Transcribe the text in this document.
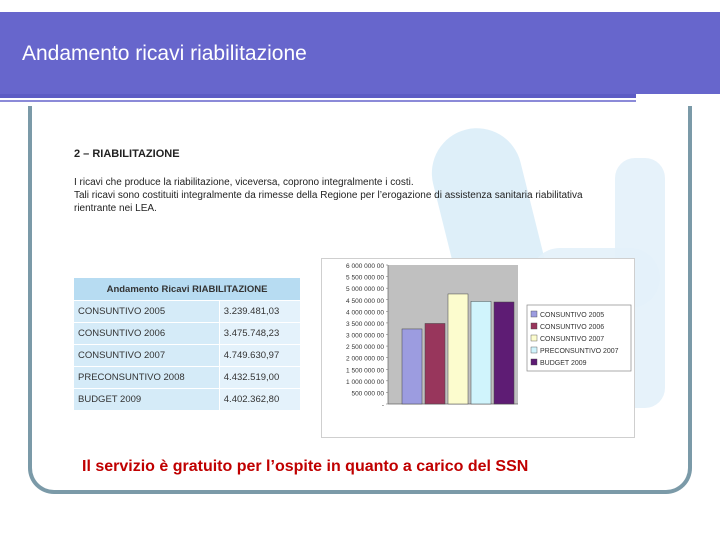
Andamento ricavi riabilitazione
2 – RIABILITAZIONE
I ricavi che produce la riabilitazione, viceversa, coprono integralmente i costi.
Tali ricavi sono costituiti integralmente da rimesse della Regione per l’erogazione di assistenza sanitaria riabilitativa
rientrante nei LEA.
Andamento Ricavi RIABILITAZIONE	
CONSUNTIVO 2005	3.239.481,03
CONSUNTIVO 2006	3.475.748,23
CONSUNTIVO 2007	4.749.630,97
PRECONSUNTIVO 2008	4.432.519,00
BUDGET 2009	4.402.362,80
6 000 000 00
5 500 000 00
5 000 000 00
4 500 000 00
4 000 000 00
3 500 000 00
3 000 000 00
2 500 000 00
2 000 000 00
1 500 000 00
1 000 000 00
500 000 00
-
CONSUNTIVO 2005
CONSUNTIVO 2006
CONSUNTIVO 2007
PRECONSUNTIVO 2007
BUDGET 2009
Il servizio è gratuito per l’ospite in quanto a carico del SSN
